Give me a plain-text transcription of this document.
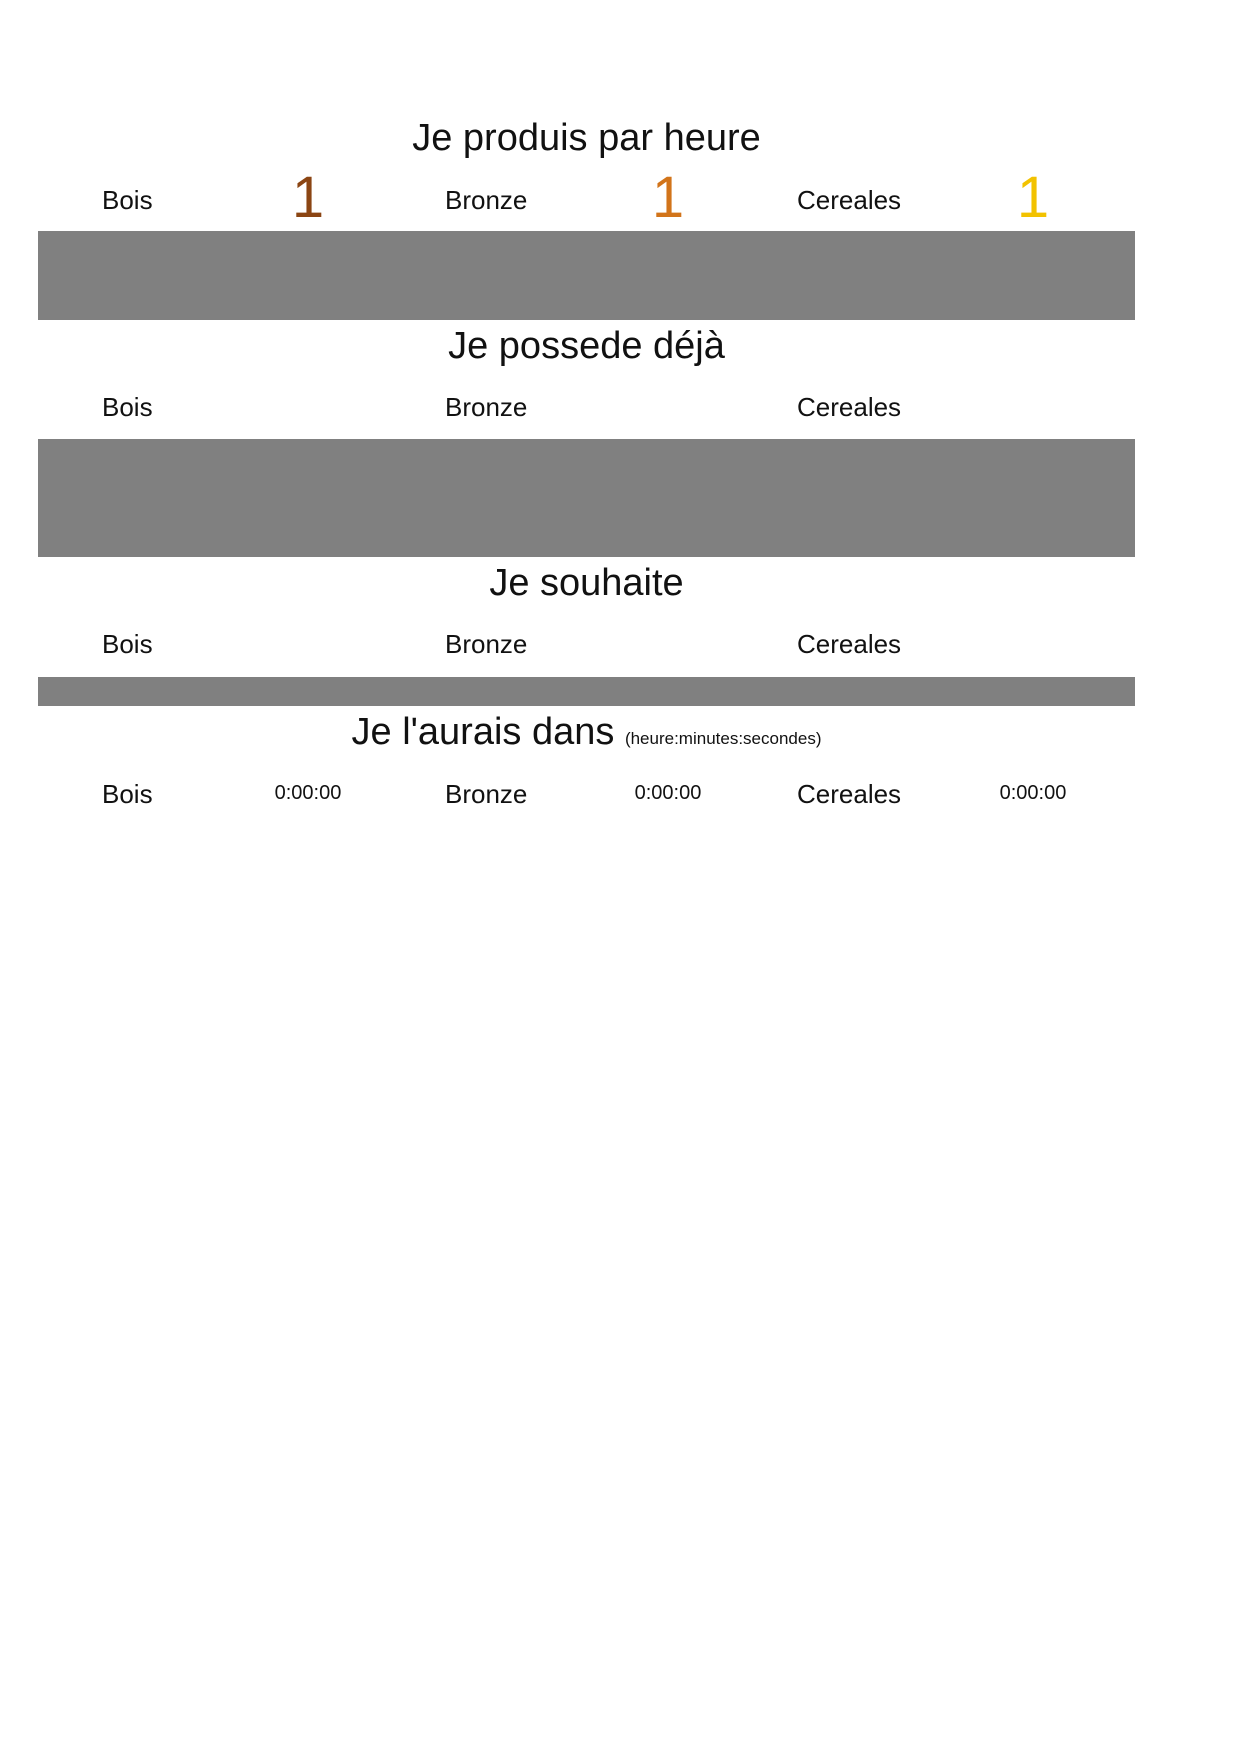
Je produis par heure
Bois	1	Bronze	1	Cereales	1
Je possede déjà
Bois	Bronze	Cereales
Je souhaite
Bois	Bronze	Cereales
Je l'aurais dans (heure:minutes:secondes)
Bois	0:00:00	Bronze	0:00:00	Cereales	0:00:00
